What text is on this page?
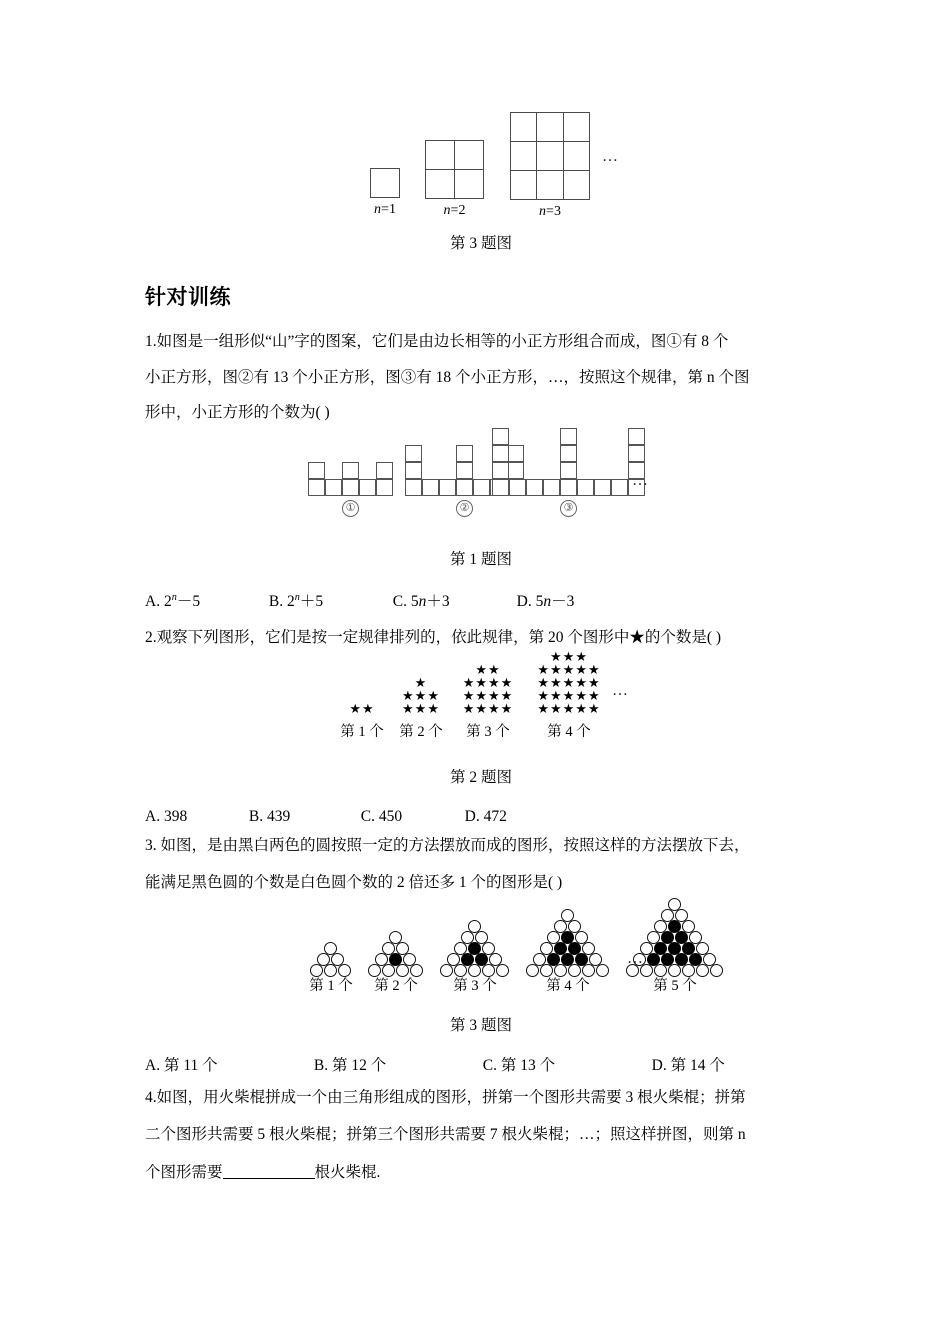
n=1

		n=2

			n=3
…
第 3 题图
针对训练
1.如图是一组形似“山”字的图案，它们是由边长相等的小正方形组合而成，图①有 8 个
小正方形，图②有 13 个小正方形，图③有 18 个小正方形，…，按照这个规律，第 n 个图
形中，小正方形的个数为( )
①	②	③
…
第 1 题图
A. $2^n-5$	B. $2^n+5$	C. 5n＋3	D. 5n－3
2.观察下列图形，它们是按一定规律排列的，依此规律，第 20 个图形中★的个数是( )
★★
第 1 个
★
★★★
★★★
第 2 个
★★
★★★★
★★★★
★★★★
第 3 个
★★★
★★★★★
★★★★★
★★★★★
★★★★★
第 4 个
…
第 2 题图
A. 398	B. 439	C. 450	D. 472
3. 如图，是由黑白两色的圆按照一定的方法摆放而成的图形，按照这样的方法摆放下去，
能满足黑色圆的个数是白色圆个数的 2 倍还多 1 个的图形是( )
第 1 个	第 2 个	第 3 个	第 4 个	第 5 个
…
第 3 题图
A. 第 11 个	B. 第 12 个	C. 第 13 个	D. 第 14 个
4.如图，用火柴棍拼成一个由三角形组成的图形，拼第一个图形共需要 3 根火柴棍；拼第
二个图形共需要 5 根火柴棍；拼第三个图形共需要 7 根火柴棍；…；照这样拼图，则第 n
个图形需要	根火柴棍.
